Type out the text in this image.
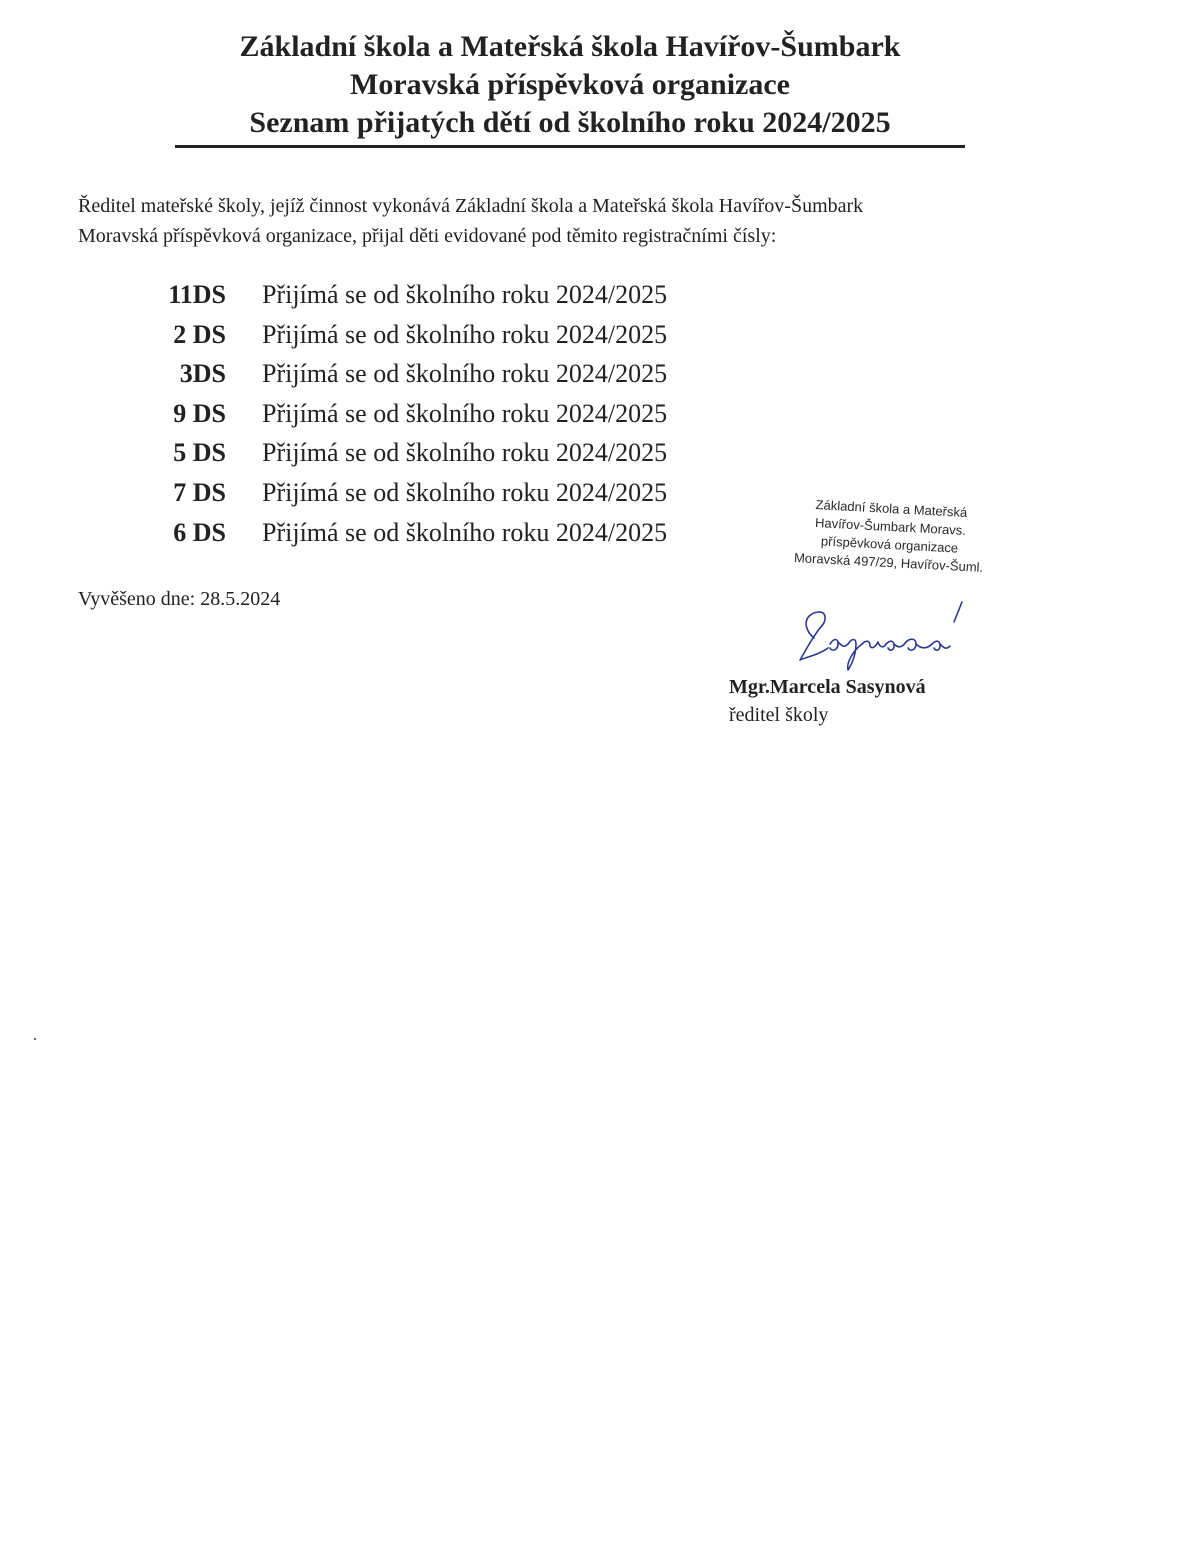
Základní škola a Mateřská škola Havířov-Šumbark
Moravská příspěvková organizace
Seznam přijatých dětí od školního roku 2024/2025
Ředitel mateřské školy, jejíž činnost vykonává Základní škola a Mateřská škola Havířov-Šumbark
Moravská příspěvková organizace, přijal děti evidované pod těmito registračními čísly:
11DS Přijímá se od školního roku 2024/2025
2 DS Přijímá se od školního roku 2024/2025
3DS Přijímá se od školního roku 2024/2025
9 DS Přijímá se od školního roku 2024/2025
5 DS Přijímá se od školního roku 2024/2025
7 DS Přijímá se od školního roku 2024/2025
6 DS Přijímá se od školního roku 2024/2025
Vyvěšeno dne: 28.5.2024
Základní škola a Mateřská
Havířov-Šumbark Moravs.
příspěvková organizace
Moravská 497/29, Havířov-Šuml.
Mgr.Marcela Sasynová
ředitel školy
